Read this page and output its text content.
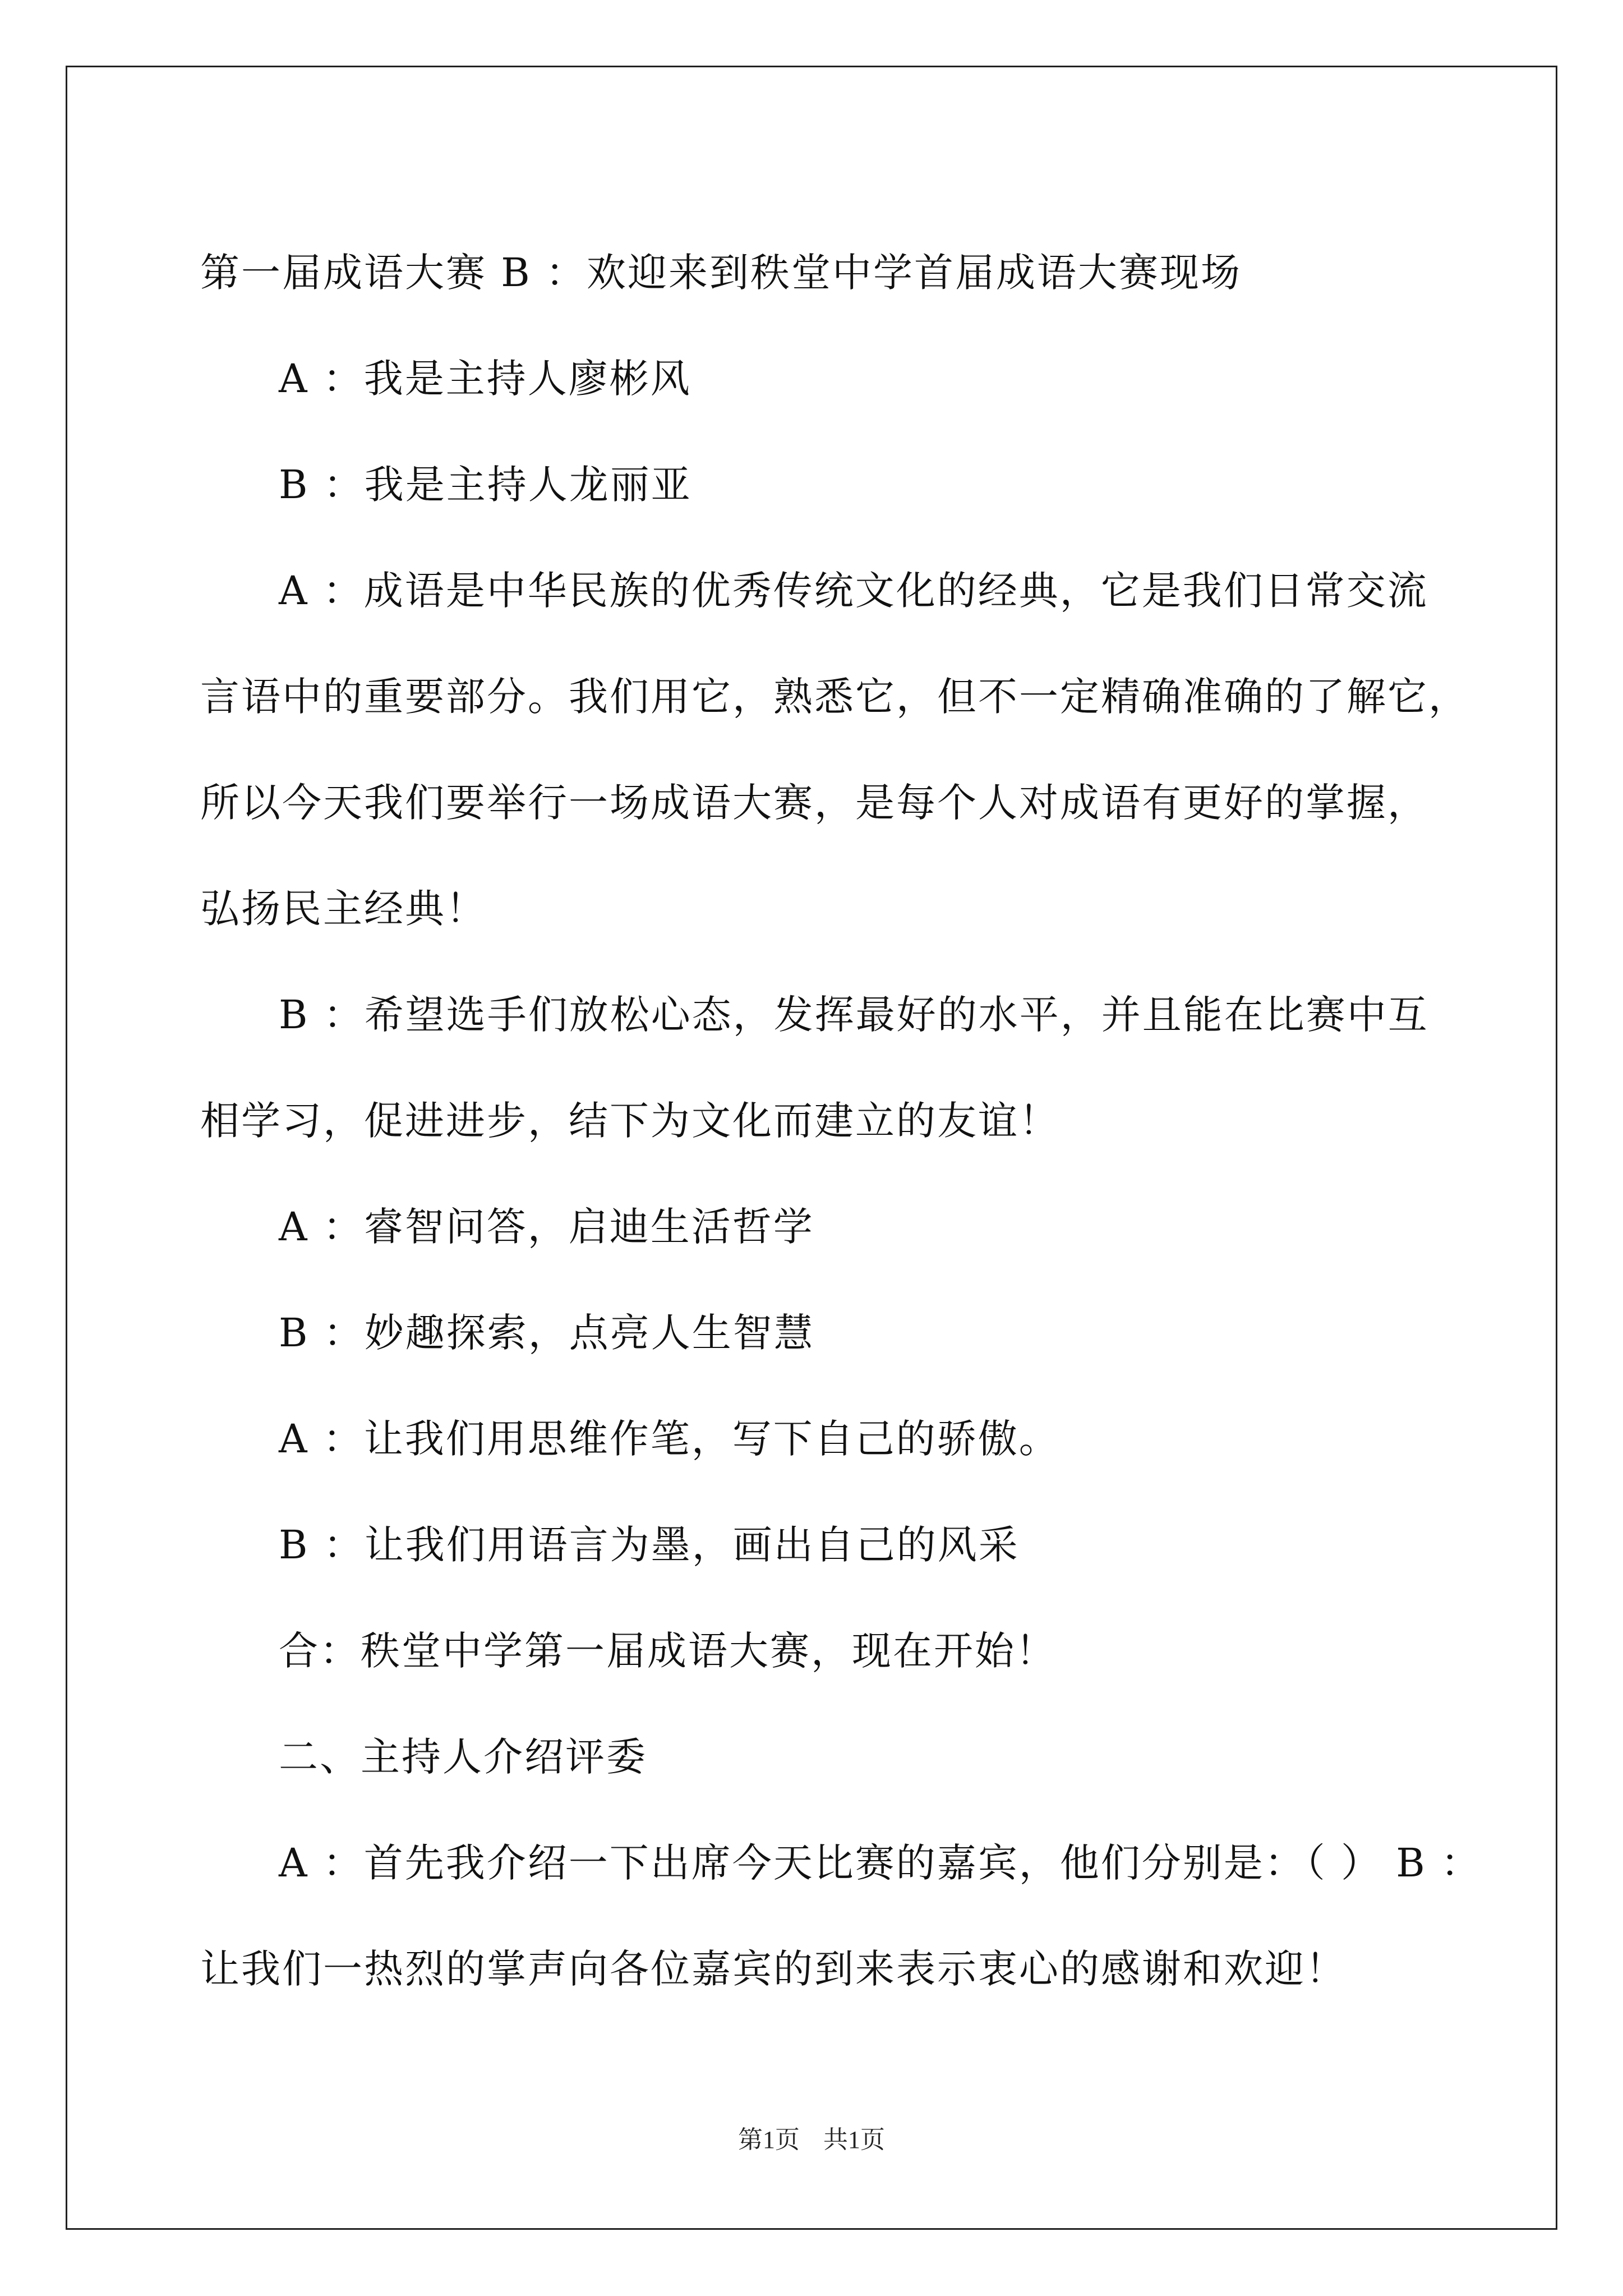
第一届成语大赛 B ：欢迎来到秩堂中学首届成语大赛现场

A ：我是主持人廖彬风

B ：我是主持人龙丽亚

A ：成语是中华民族的优秀传统文化的经典，它是我们日常交流

言语中的重要部分。我们用它，熟悉它，但不一定精确准确的了解它，

所以今天我们要举行一场成语大赛，是每个人对成语有更好的掌握，

弘扬民主经典！

B ：希望选手们放松心态，发挥最好的水平，并且能在比赛中互

相学习，促进进步，结下为文化而建立的友谊！

A ：睿智问答，启迪生活哲学

B ：妙趣探索，点亮人生智慧

A ：让我们用思维作笔，写下自己的骄傲。

B ：让我们用语言为墨，画出自己的风采

合：秩堂中学第一届成语大赛，现在开始！

二、主持人介绍评委

A ：首先我介绍一下出席今天比赛的嘉宾，他们分别是：（ ） B ：

让我们一热烈的掌声向各位嘉宾的到来表示衷心的感谢和欢迎！

第1页 共1页
